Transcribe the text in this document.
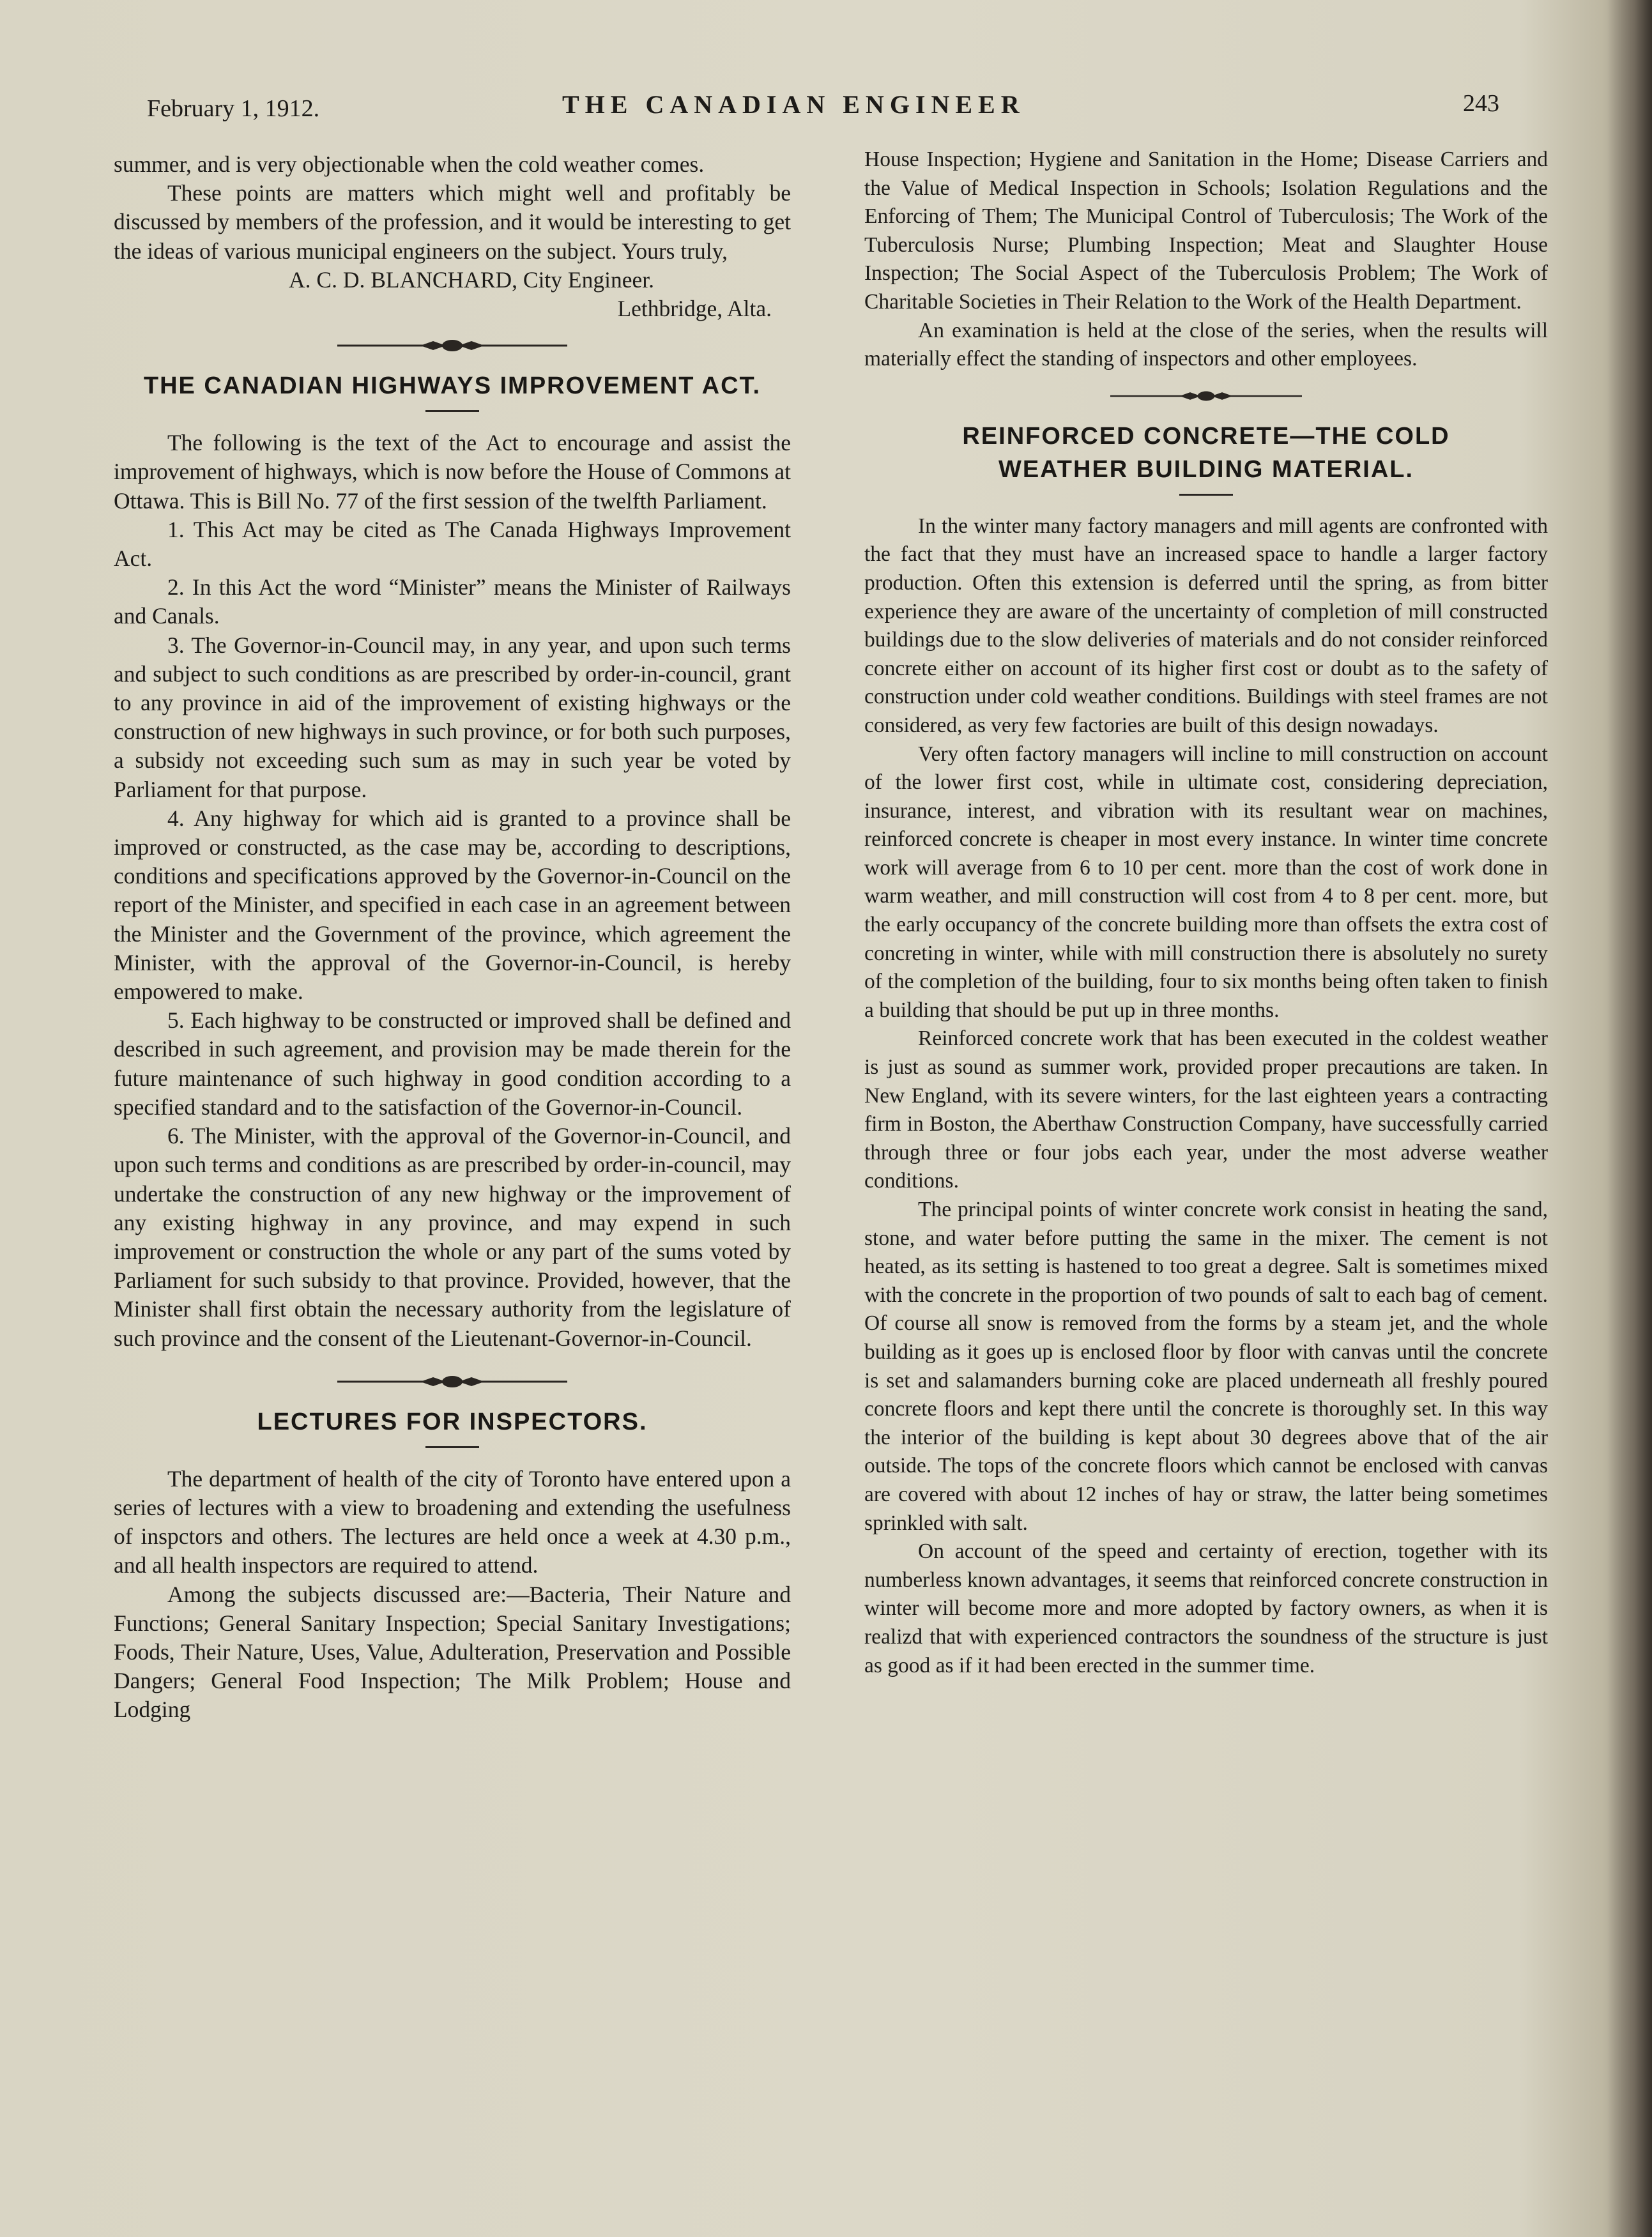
February 1, 1912.	THE CANADIAN ENGINEER	243

summer, and is very objectionable when the cold weather comes.

These points are matters which might well and profitably be discussed by members of the profession, and it would be interesting to get the ideas of various municipal engineers on the subject. Yours truly,

A. C. D. BLANCHARD, City Engineer.

Lethbridge, Alta.

THE CANADIAN HIGHWAYS IMPROVEMENT ACT.

The following is the text of the Act to encourage and assist the improvement of highways, which is now before the House of Commons at Ottawa. This is Bill No. 77 of the first session of the twelfth Parliament.

1. This Act may be cited as The Canada Highways Improvement Act.

2. In this Act the word “Minister” means the Minister of Railways and Canals.

3. The Governor-in-Council may, in any year, and upon such terms and subject to such conditions as are prescribed by order-in-council, grant to any province in aid of the improvement of existing highways or the construction of new highways in such province, or for both such purposes, a subsidy not exceeding such sum as may in such year be voted by Parliament for that purpose.

4. Any highway for which aid is granted to a province shall be improved or constructed, as the case may be, according to descriptions, conditions and specifications approved by the Governor-in-Council on the report of the Minister, and specified in each case in an agreement between the Minister and the Government of the province, which agreement the Minister, with the approval of the Governor-in-Council, is hereby empowered to make.

5. Each highway to be constructed or improved shall be defined and described in such agreement, and provision may be made therein for the future maintenance of such highway in good condition according to a specified standard and to the satisfaction of the Governor-in-Council.

6. The Minister, with the approval of the Governor-in-Council, and upon such terms and conditions as are prescribed by order-in-council, may undertake the construction of any new highway or the improvement of any existing highway in any province, and may expend in such improvement or construction the whole or any part of the sums voted by Parliament for such subsidy to that province. Provided, however, that the Minister shall first obtain the necessary authority from the legislature of such province and the consent of the Lieutenant-Governor-in-Council.

LECTURES FOR INSPECTORS.

The department of health of the city of Toronto have entered upon a series of lectures with a view to broadening and extending the usefulness of inspctors and others. The lectures are held once a week at 4.30 p.m., and all health inspectors are required to attend.

Among the subjects discussed are:—Bacteria, Their Nature and Functions; General Sanitary Inspection; Special Sanitary Investigations; Foods, Their Nature, Uses, Value, Adulteration, Preservation and Possible Dangers; General Food Inspection; The Milk Problem; House and Lodging

House Inspection; Hygiene and Sanitation in the Home; Disease Carriers and the Value of Medical Inspection in Schools; Isolation Regulations and the Enforcing of Them; The Municipal Control of Tuberculosis; The Work of the Tuberculosis Nurse; Plumbing Inspection; Meat and Slaughter House Inspection; The Social Aspect of the Tuberculosis Problem; The Work of Charitable Societies in Their Relation to the Work of the Health Department.

An examination is held at the close of the series, when the results will materially effect the standing of inspectors and other employees.

REINFORCED CONCRETE—THE COLD WEATHER BUILDING MATERIAL.

In the winter many factory managers and mill agents are confronted with the fact that they must have an increased space to handle a larger factory production. Often this extension is deferred until the spring, as from bitter experience they are aware of the uncertainty of completion of mill constructed buildings due to the slow deliveries of materials and do not consider reinforced concrete either on account of its higher first cost or doubt as to the safety of construction under cold weather conditions. Buildings with steel frames are not considered, as very few factories are built of this design nowadays.

Very often factory managers will incline to mill construction on account of the lower first cost, while in ultimate cost, considering depreciation, insurance, interest, and vibration with its resultant wear on machines, reinforced concrete is cheaper in most every instance. In winter time concrete work will average from 6 to 10 per cent. more than the cost of work done in warm weather, and mill construction will cost from 4 to 8 per cent. more, but the early occupancy of the concrete building more than offsets the extra cost of concreting in winter, while with mill construction there is absolutely no surety of the completion of the building, four to six months being often taken to finish a building that should be put up in three months.

Reinforced concrete work that has been executed in the coldest weather is just as sound as summer work, provided proper precautions are taken. In New England, with its severe winters, for the last eighteen years a contracting firm in Boston, the Aberthaw Construction Company, have successfully carried through three or four jobs each year, under the most adverse weather conditions.

The principal points of winter concrete work consist in heating the sand, stone, and water before putting the same in the mixer. The cement is not heated, as its setting is hastened to too great a degree. Salt is sometimes mixed with the concrete in the proportion of two pounds of salt to each bag of cement. Of course all snow is removed from the forms by a steam jet, and the whole building as it goes up is enclosed floor by floor with canvas until the concrete is set and salamanders burning coke are placed underneath all freshly poured concrete floors and kept there until the concrete is thoroughly set. In this way the interior of the building is kept about 30 degrees above that of the air outside. The tops of the concrete floors which cannot be enclosed with canvas are covered with about 12 inches of hay or straw, the latter being sometimes sprinkled with salt.

On account of the speed and certainty of erection, together with its numberless known advantages, it seems that reinforced concrete construction in winter will become more and more adopted by factory owners, as when it is realizd that with experienced contractors the soundness of the structure is just as good as if it had been erected in the summer time.
